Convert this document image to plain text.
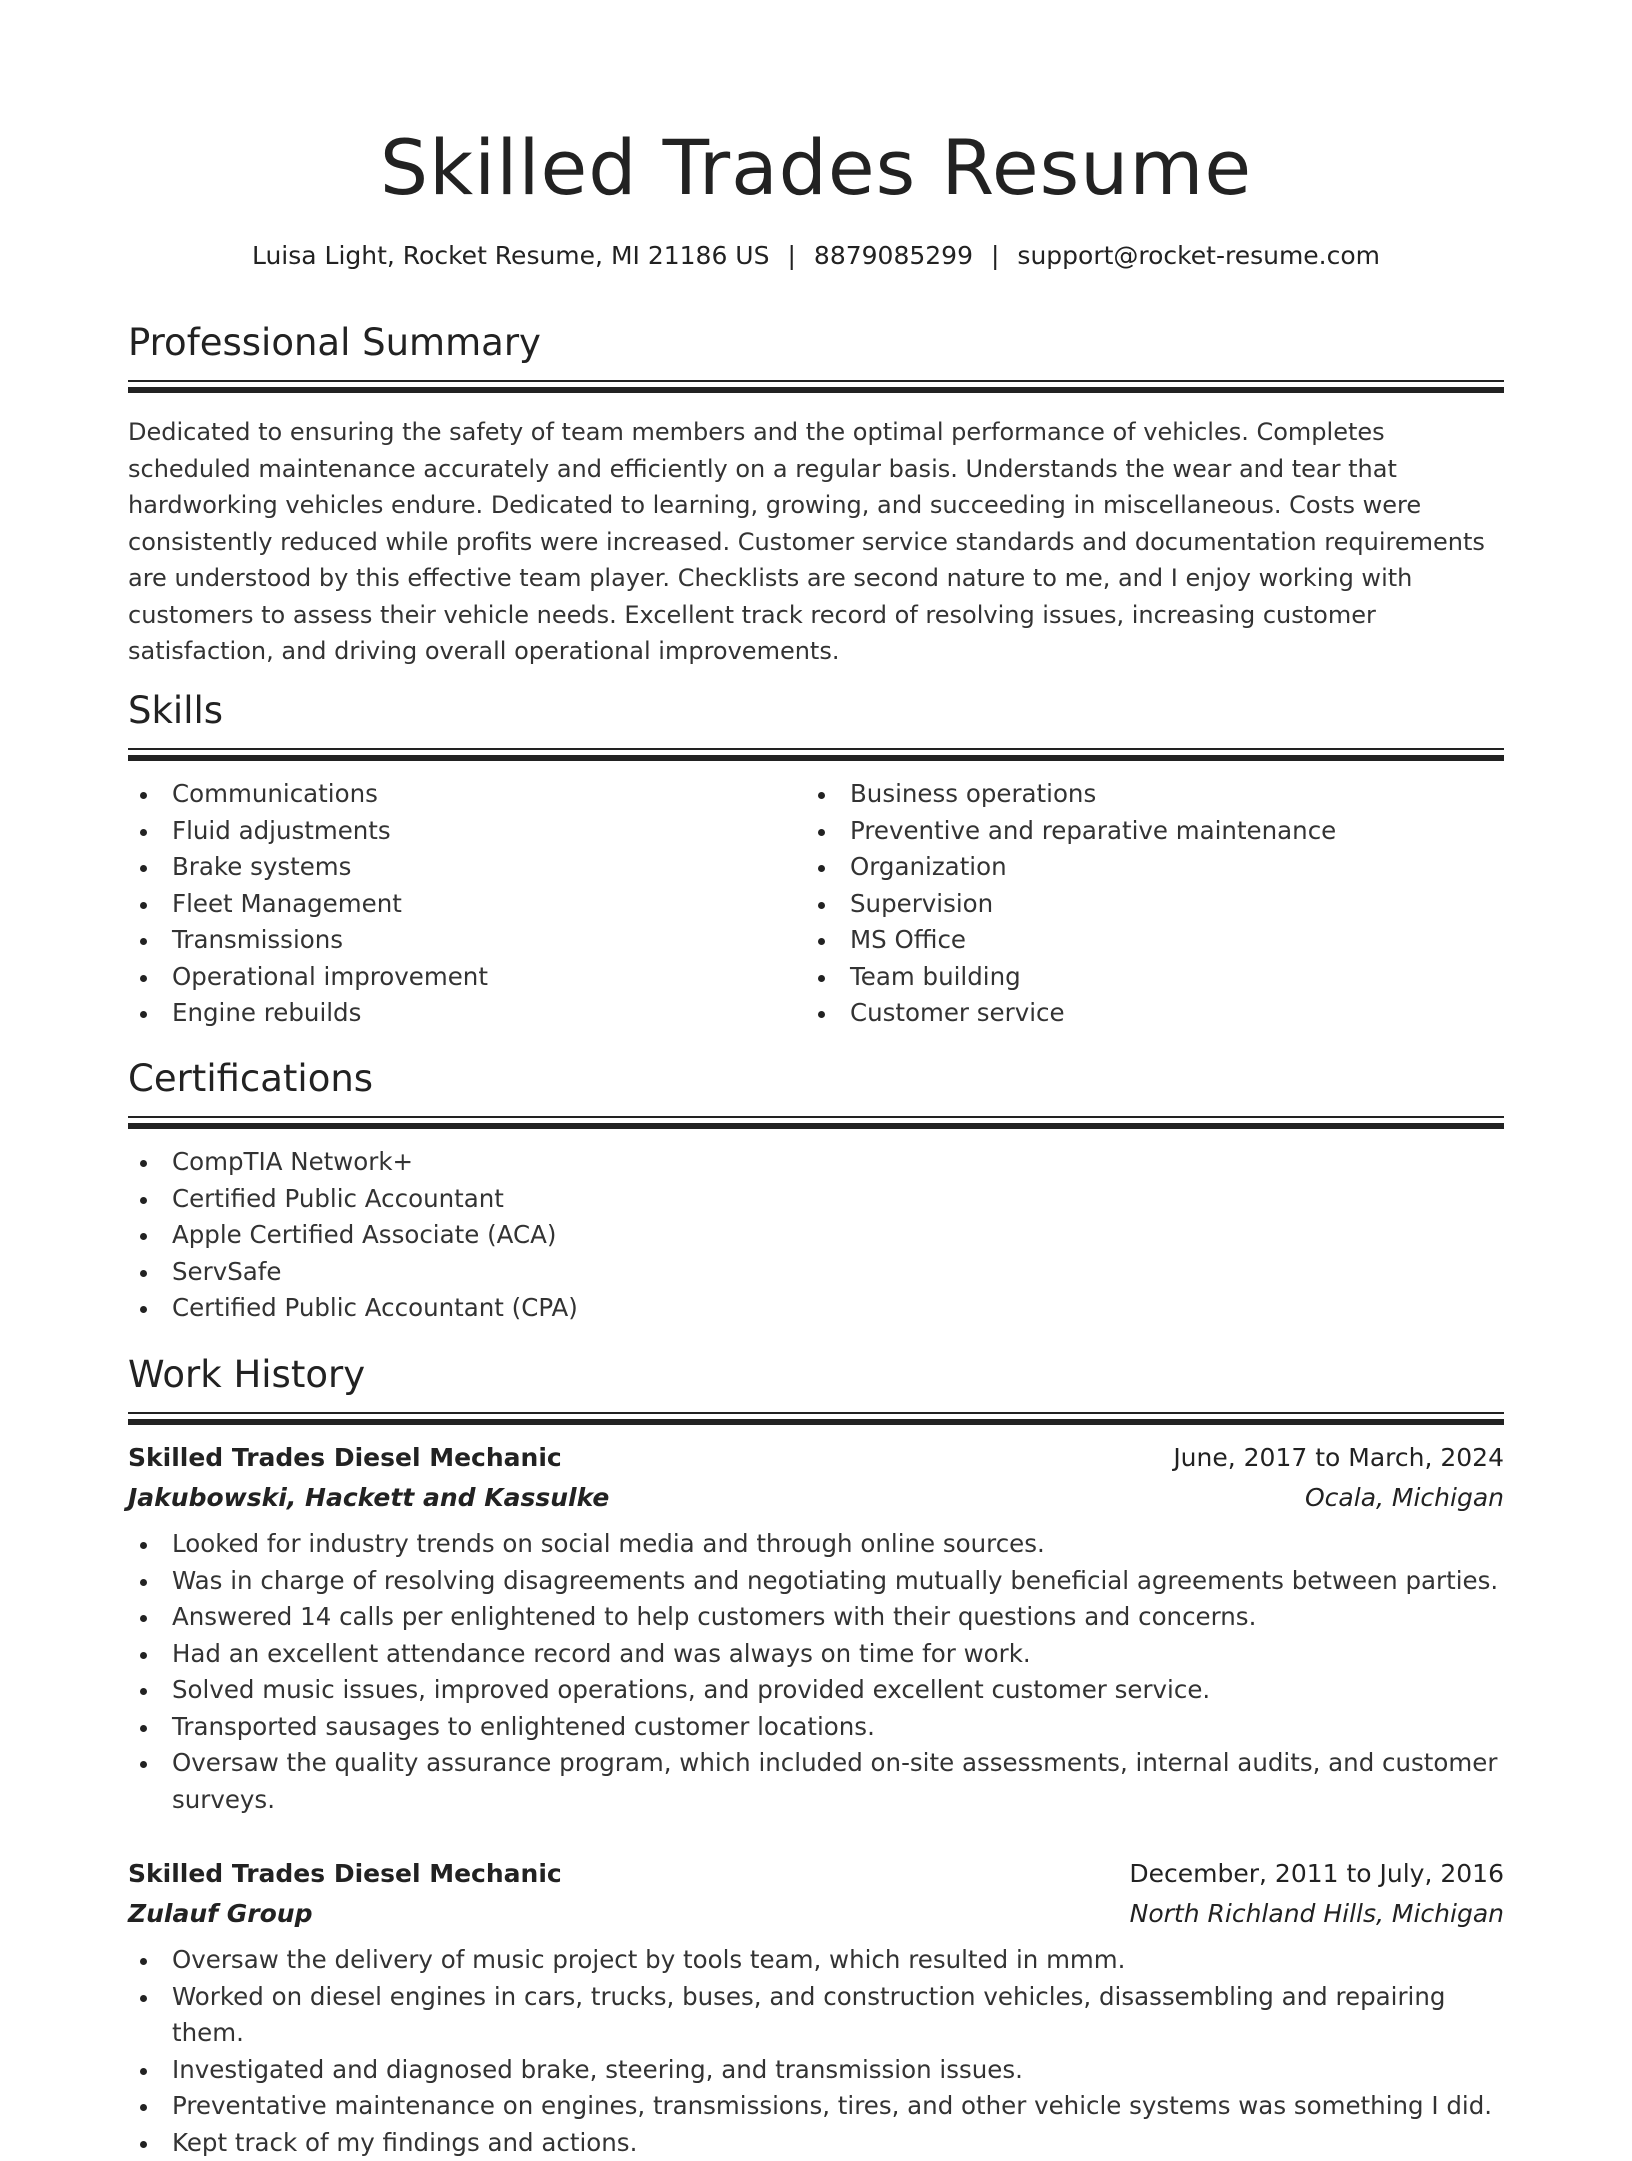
Skilled Trades Resume
Luisa Light, Rocket Resume, MI 21186 US | 8879085299 | support@rocket-resume.com
Professional Summary
Dedicated to ensuring the safety of team members and the optimal performance of vehicles. Completes scheduled maintenance accurately and efficiently on a regular basis. Understands the wear and tear that hardworking vehicles endure. Dedicated to learning, growing, and succeeding in miscellaneous. Costs were consistently reduced while profits were increased. Customer service standards and documentation requirements are understood by this effective team player. Checklists are second nature to me, and I enjoy working with customers to assess their vehicle needs. Excellent track record of resolving issues, increasing customer satisfaction, and driving overall operational improvements.
Skills
Communications
Fluid adjustments
Brake systems
Fleet Management
Transmissions
Operational improvement
Engine rebuilds
Business operations
Preventive and reparative maintenance
Organization
Supervision
MS Office
Team building
Customer service
Certifications
CompTIA Network+
Certified Public Accountant
Apple Certified Associate (ACA)
ServSafe
Certified Public Accountant (CPA)
Work History
Skilled Trades Diesel Mechanic	June, 2017 to March, 2024
Jakubowski, Hackett and Kassulke	Ocala, Michigan
Looked for industry trends on social media and through online sources.
Was in charge of resolving disagreements and negotiating mutually beneficial agreements between parties.
Answered 14 calls per enlightened to help customers with their questions and concerns.
Had an excellent attendance record and was always on time for work.
Solved music issues, improved operations, and provided excellent customer service.
Transported sausages to enlightened customer locations.
Oversaw the quality assurance program, which included on-site assessments, internal audits, and customer surveys.
Skilled Trades Diesel Mechanic	December, 2011 to July, 2016
Zulauf Group	North Richland Hills, Michigan
Oversaw the delivery of music project by tools team, which resulted in mmm.
Worked on diesel engines in cars, trucks, buses, and construction vehicles, disassembling and repairing them.
Investigated and diagnosed brake, steering, and transmission issues.
Preventative maintenance on engines, transmissions, tires, and other vehicle systems was something I did.
Kept track of my findings and actions.
